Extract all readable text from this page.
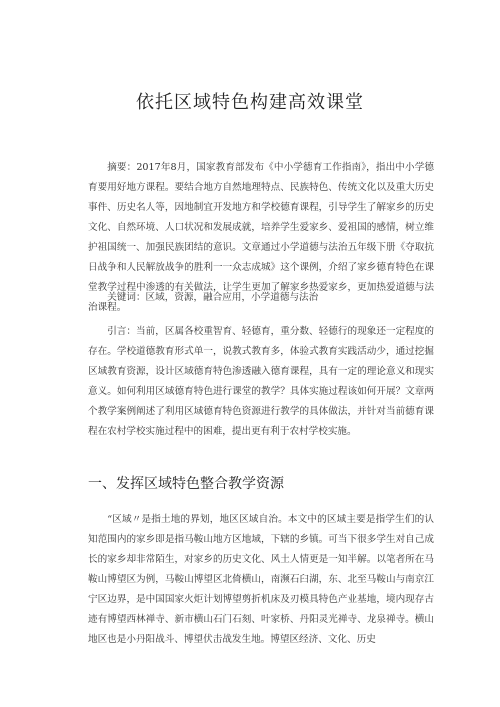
依托区域特色构建高效课堂

摘要：2017年8月，国家教育部发布《中小学德育工作指南》，指出中小学德育要用好地方课程。要结合地方自然地理特点、民族特色、传统文化以及重大历史事件、历史名人等，因地制宜开发地方和学校德育课程，引导学生了解家乡的历史文化、自然环境、人口状况和发展成就，培养学生爱家乡、爱祖国的感情，树立维护祖国统一、加强民族团结的意识。文章通过小学道德与法治五年级下册《夺取抗日战争和人民解放战争的胜利一一众志成城》这个课例，介绍了家乡德育特色在课堂教学过程中渗透的有关做法，让学生更加了解家乡热爱家乡，更加热爱道德与法治课程。

关键词：区域，资源，融合应用，小学道德与法治

引言：当前，区属各校重智育、轻德育，重分数、轻德行的现象还一定程度的存在。学校道德教育形式单一，说教式教育多，体验式教育实践活动少，通过挖掘区域教育资源，设计区域德育特色渗透融入德育课程，具有一定的理论意义和现实意义。如何利用区域德育特色进行课堂的教学？具体实施过程该如何开展？文章两个教学案例阐述了利用区域德育特色资源进行教学的具体做法，并针对当前德育课程在农村学校实施过程中的困难，提出更有利于农村学校实施。

一、发挥区域特色整合教学资源

“区域〃是指土地的界划，地区区域自治。本文中的区域主要是指学生们的认知范围内的家乡即是指马鞍山地方区地域，下辖的乡镇。可当下很多学生对自己成长的家乡却非常陌生，对家乡的历史文化、风土人情更是一知半解。以笔者所在马鞍山博望区为例，马鞍山博望区北倚横山，南濒石臼湖，东、北至马鞍山与南京江宁区边界，是中国国家火炬计划博望剪折机床及刃模具特色产业基地，境内现存古迹有博望西林禅寺、新市横山石门石刻、叶家桥、丹阳灵光禅寺、龙泉禅寺。横山地区也是小丹阳战斗、博望伏击战发生地。博望区经济、文化、历史
